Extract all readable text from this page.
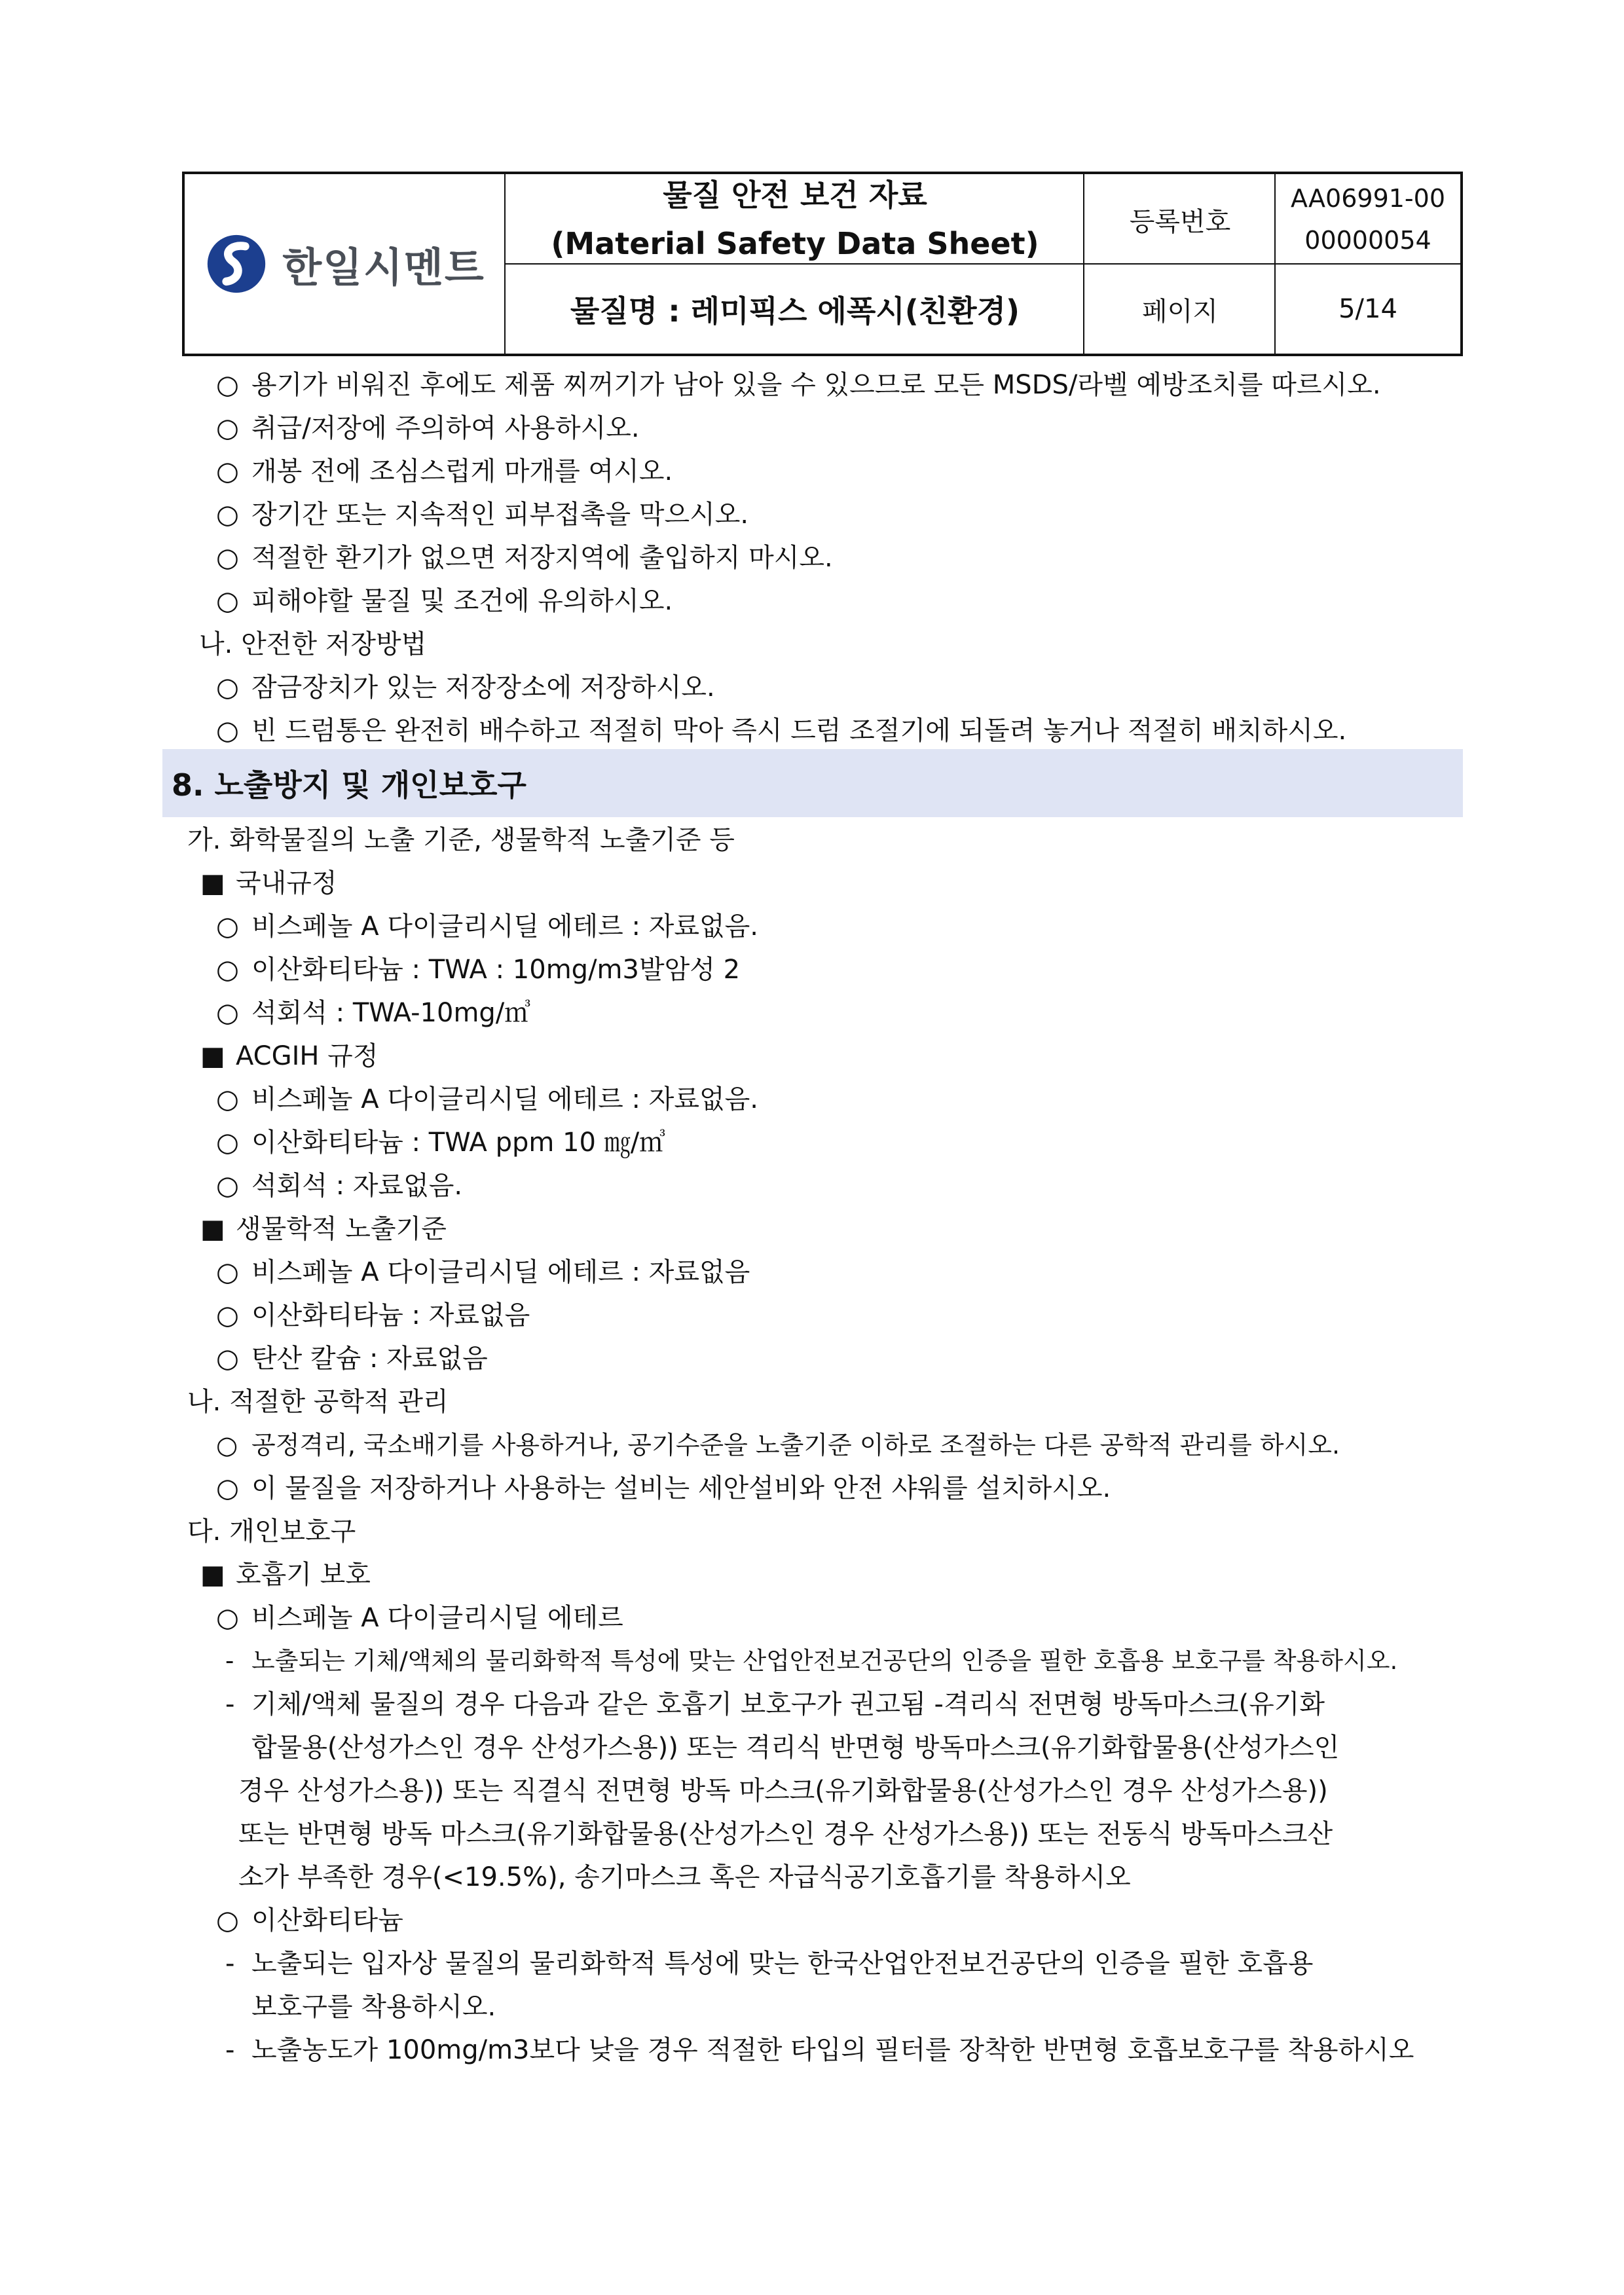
한일시멘트
물질 안전 보건 자료
(Material Safety Data Sheet)
물질명 : 레미픽스 에폭시(친환경)
등록번호
AA06991-00
00000054
페이지	5/14
○ 용기가 비워진 후에도 제품 찌꺼기가 남아 있을 수 있으므로 모든 MSDS/라벨 예방조치를 따르시오.
○ 취급/저장에 주의하여 사용하시오.
○ 개봉 전에 조심스럽게 마개를 여시오.
○ 장기간 또는 지속적인 피부접촉을 막으시오.
○ 적절한 환기가 없으면 저장지역에 출입하지 마시오.
○ 피해야할 물질 및 조건에 유의하시오.
나. 안전한 저장방법
○ 잠금장치가 있는 저장장소에 저장하시오.
○ 빈 드럼통은 완전히 배수하고 적절히 막아 즉시 드럼 조절기에 되돌려 놓거나 적절히 배치하시오.
8. 노출방지 및 개인보호구
가. 화학물질의 노출 기준, 생물학적 노출기준 등
■ 국내규정
○ 비스페놀 A 다이글리시딜 에테르 : 자료없음.
○ 이산화티타늄 : TWA : 10mg/m3발암성 2
○ 석회석 : TWA-10mg/㎥
■ ACGIH 규정
○ 비스페놀 A 다이글리시딜 에테르 : 자료없음.
○ 이산화티타늄 : TWA ppm 10 ㎎/㎥
○ 석회석 : 자료없음.
■ 생물학적 노출기준
○ 비스페놀 A 다이글리시딜 에테르 : 자료없음
○ 이산화티타늄 : 자료없음
○ 탄산 칼슘 : 자료없음
나. 적절한 공학적 관리
○ 공정격리, 국소배기를 사용하거나, 공기수준을 노출기준 이하로 조절하는 다른 공학적 관리를 하시오.
○ 이 물질을 저장하거나 사용하는 설비는 세안설비와 안전 샤워를 설치하시오.
다. 개인보호구
■ 호흡기 보호
○ 비스페놀 A 다이글리시딜 에테르
- 노출되는 기체/액체의 물리화학적 특성에 맞는 산업안전보건공단의 인증을 필한 호흡용 보호구를 착용하시오.
- 기체/액체 물질의 경우 다음과 같은 호흡기 보호구가 권고됨 -격리식 전면형 방독마스크(유기화
합물용(산성가스인 경우 산성가스용)) 또는 격리식 반면형 방독마스크(유기화합물용(산성가스인
경우 산성가스용)) 또는 직결식 전면형 방독 마스크(유기화합물용(산성가스인 경우 산성가스용))
또는 반면형 방독 마스크(유기화합물용(산성가스인 경우 산성가스용)) 또는 전동식 방독마스크산
소가 부족한 경우(<19.5%), 송기마스크 혹은 자급식공기호흡기를 착용하시오
○ 이산화티타늄
- 노출되는 입자상 물질의 물리화학적 특성에 맞는 한국산업안전보건공단의 인증을 필한 호흡용
보호구를 착용하시오.
- 노출농도가 100mg/m3보다 낮을 경우 적절한 타입의 필터를 장착한 반면형 호흡보호구를 착용하시오
